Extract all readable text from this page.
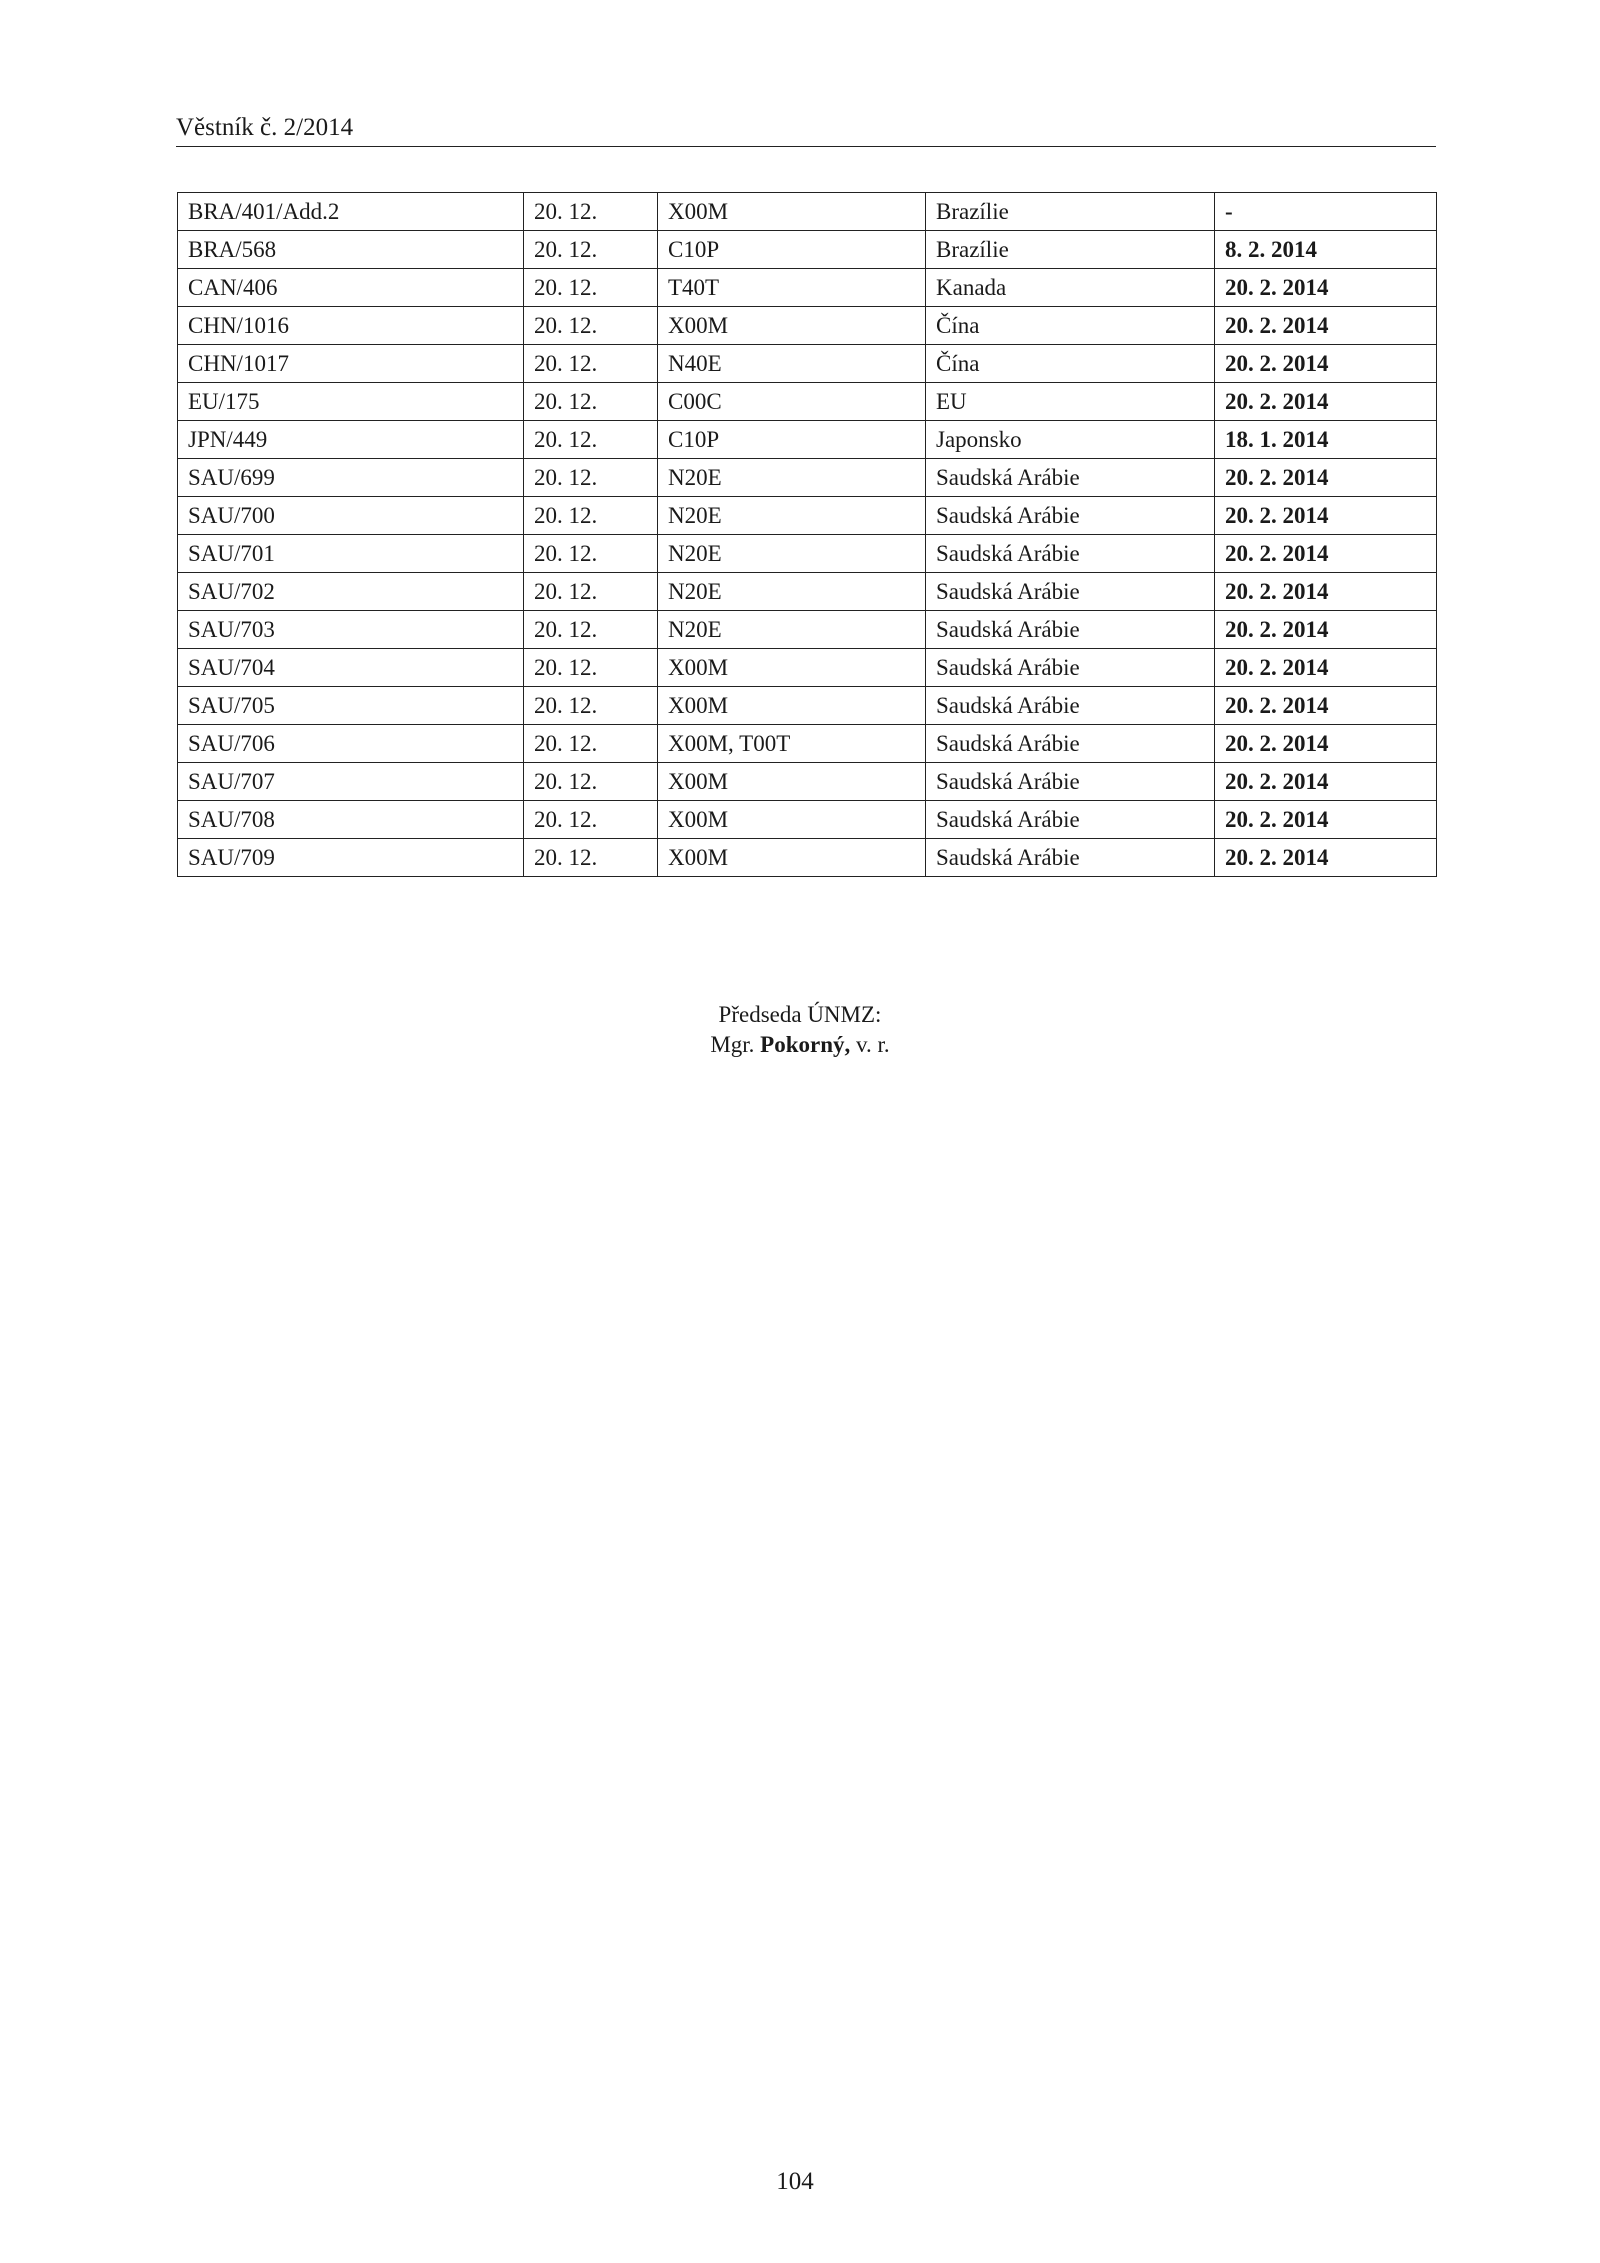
Věstník č. 2/2014
BRA/401/Add.2	20. 12.	X00M	Brazílie	-
BRA/568	20. 12.	C10P	Brazílie	8. 2. 2014
CAN/406	20. 12.	T40T	Kanada	20. 2. 2014
CHN/1016	20. 12.	X00M	Čína	20. 2. 2014
CHN/1017	20. 12.	N40E	Čína	20. 2. 2014
EU/175	20. 12.	C00C	EU	20. 2. 2014
JPN/449	20. 12.	C10P	Japonsko	18. 1. 2014
SAU/699	20. 12.	N20E	Saudská Arábie	20. 2. 2014
SAU/700	20. 12.	N20E	Saudská Arábie	20. 2. 2014
SAU/701	20. 12.	N20E	Saudská Arábie	20. 2. 2014
SAU/702	20. 12.	N20E	Saudská Arábie	20. 2. 2014
SAU/703	20. 12.	N20E	Saudská Arábie	20. 2. 2014
SAU/704	20. 12.	X00M	Saudská Arábie	20. 2. 2014
SAU/705	20. 12.	X00M	Saudská Arábie	20. 2. 2014
SAU/706	20. 12.	X00M, T00T	Saudská Arábie	20. 2. 2014
SAU/707	20. 12.	X00M	Saudská Arábie	20. 2. 2014
SAU/708	20. 12.	X00M	Saudská Arábie	20. 2. 2014
SAU/709	20. 12.	X00M	Saudská Arábie	20. 2. 2014
Předseda ÚNMZ:
Mgr. Pokorný, v. r.
104
